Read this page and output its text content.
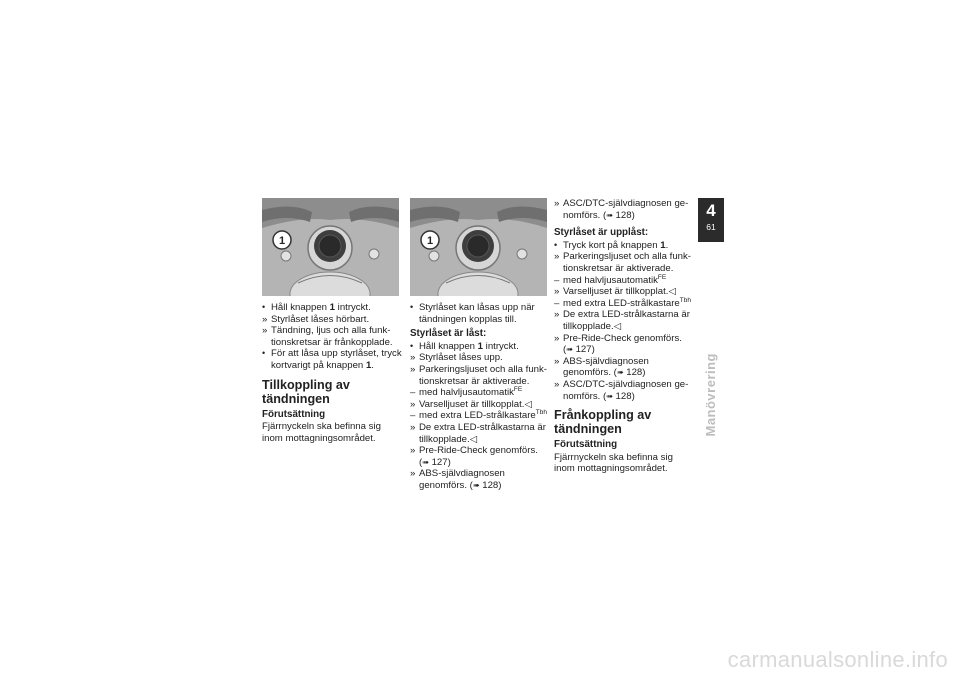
1

• Håll knappen 1 intryckt.

» Styrlåset låses hörbart.

» Tändning, ljus och alla funk-tionskretsar är frånkopplade.

• För att låsa upp styrlåset, tryck kortvarigt på knappen 1.

Tillkoppling av tändningen
Förutsättning

Fjärrnyckeln ska befinna sig inom mottagningsområdet.

1

• Styrlåset kan låsas upp när tändningen kopplas till.

Styrlåset är låst:

• Håll knappen 1 intryckt.

» Styrlåset låses upp.

» Parkeringsljuset och alla funk-tionskretsar är aktiverade.

– med halvljusautomatik$^{FE}$

» Varselljuset är tillkopplat.◁

– med extra LED-strålkastare$^{Tbh}$

» De extra LED-strålkastarna är tillkopplade.◁

» Pre-Ride-Check genomförs. (➠ 127)

» ABS-självdiagnosen genomförs. (➠ 128)

» ASC/DTC-självdiagnosen ge-nomförs. (➠ 128)

Styrlåset är upplåst:

• Tryck kort på knappen 1.

» Parkeringsljuset och alla funk-tionskretsar är aktiverade.

– med halvljusautomatik$^{FE}$

» Varselljuset är tillkopplat.◁

– med extra LED-strålkastare$^{Tbh}$

» De extra LED-strålkastarna är tillkopplade.◁

» Pre-Ride-Check genomförs. (➠ 127)

» ABS-självdiagnosen genomförs. (➠ 128)

» ASC/DTC-självdiagnosen ge-nomförs. (➠ 128)

Frånkoppling av tändningen
Förutsättning

Fjärrnyckeln ska befinna sig inom mottagningsområdet.

4
61
Manövrering
carmanualsonline.info
